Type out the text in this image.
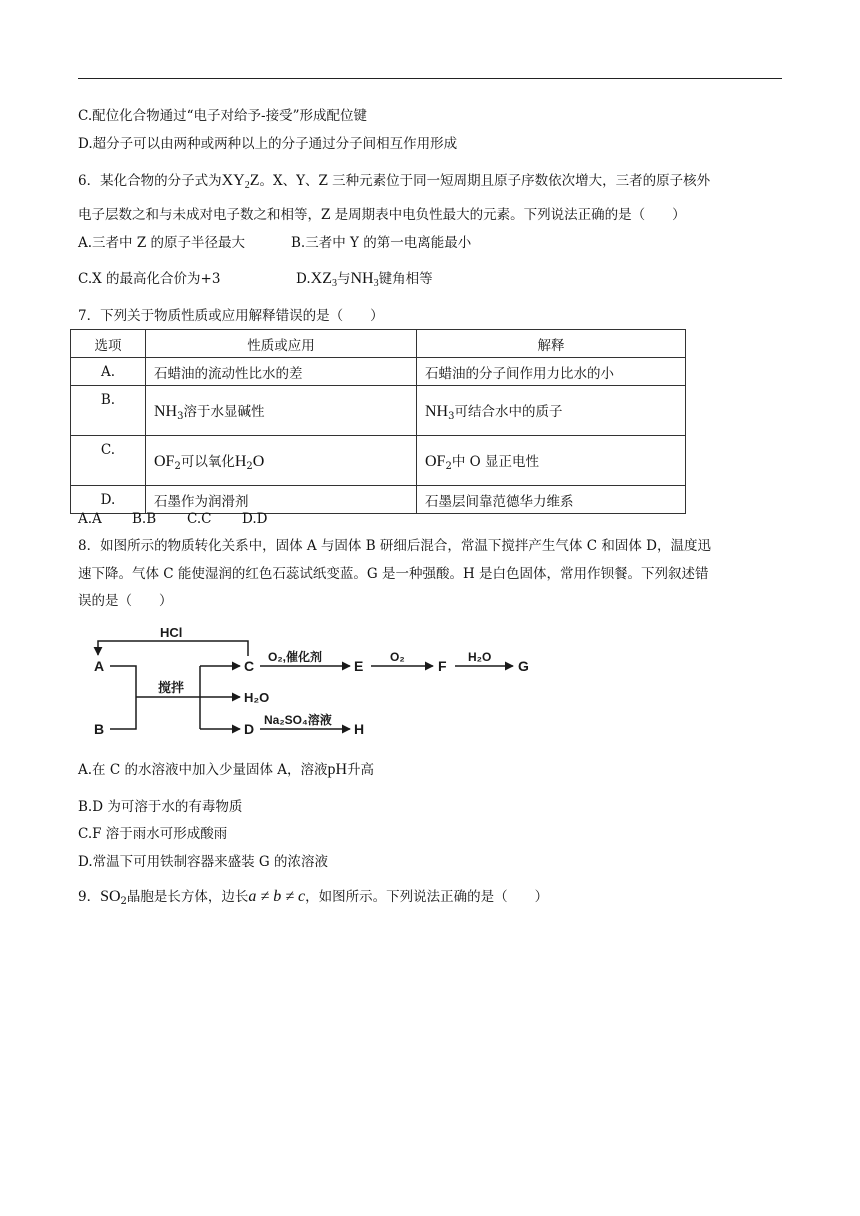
C.配位化合物通过“电子对给予-接受”形成配位键
D.超分子可以由两种或两种以上的分子通过分子间相互作用形成
6．某化合物的分子式为$XY_2Z$。X、Y、Z 三种元素位于同一短周期且原子序数依次增大，三者的原子核外
电子层数之和与未成对电子数之和相等，Z 是周期表中电负性最大的元素。下列说法正确的是（　　）
A.三者中 Z 的原子半径最大	B.三者中 Y 的第一电离能最小
C.X 的最高化合价为+3	$D.XZ_3$与$NH_3$键角相等
7．下列关于物质性质或应用解释错误的是（　　）
选项	性质或应用	解释
A.	石蜡油的流动性比水的差	石蜡油的分子间作用力比水的小
B.	$NH_3$溶于水显碱性	$NH_3$可结合水中的质子
C.	$OF_2$可以氧化$H_2O$	$OF_2$中 O 显正电性
D.	石墨作为润滑剂	石墨层间靠范德华力维系
A.A B.B C.C D.D
8．如图所示的物质转化关系中，固体 A 与固体 B 研细后混合，常温下搅拌产生气体 C 和固体 D，温度迅
速下降。气体 C 能使湿润的红色石蕊试纸变蓝。G 是一种强酸。H 是白色固体，常用作钡餐。下列叙述错
误的是（　　）
HCl
A
B
搅拌
C
H₂O
D
O₂,催化剂
E
O₂
F
H₂O
G
Na₂SO₄溶液
H
A.在 C 的水溶液中加入少量固体 A，溶液pH升高
B.D 为可溶于水的有毒物质
C.F 溶于雨水可形成酸雨
D.常温下可用铁制容器来盛装 G 的浓溶液
9．$SO_2$晶胞是长方体，边长a ≠ b ≠ c，如图所示。下列说法正确的是（　　）
